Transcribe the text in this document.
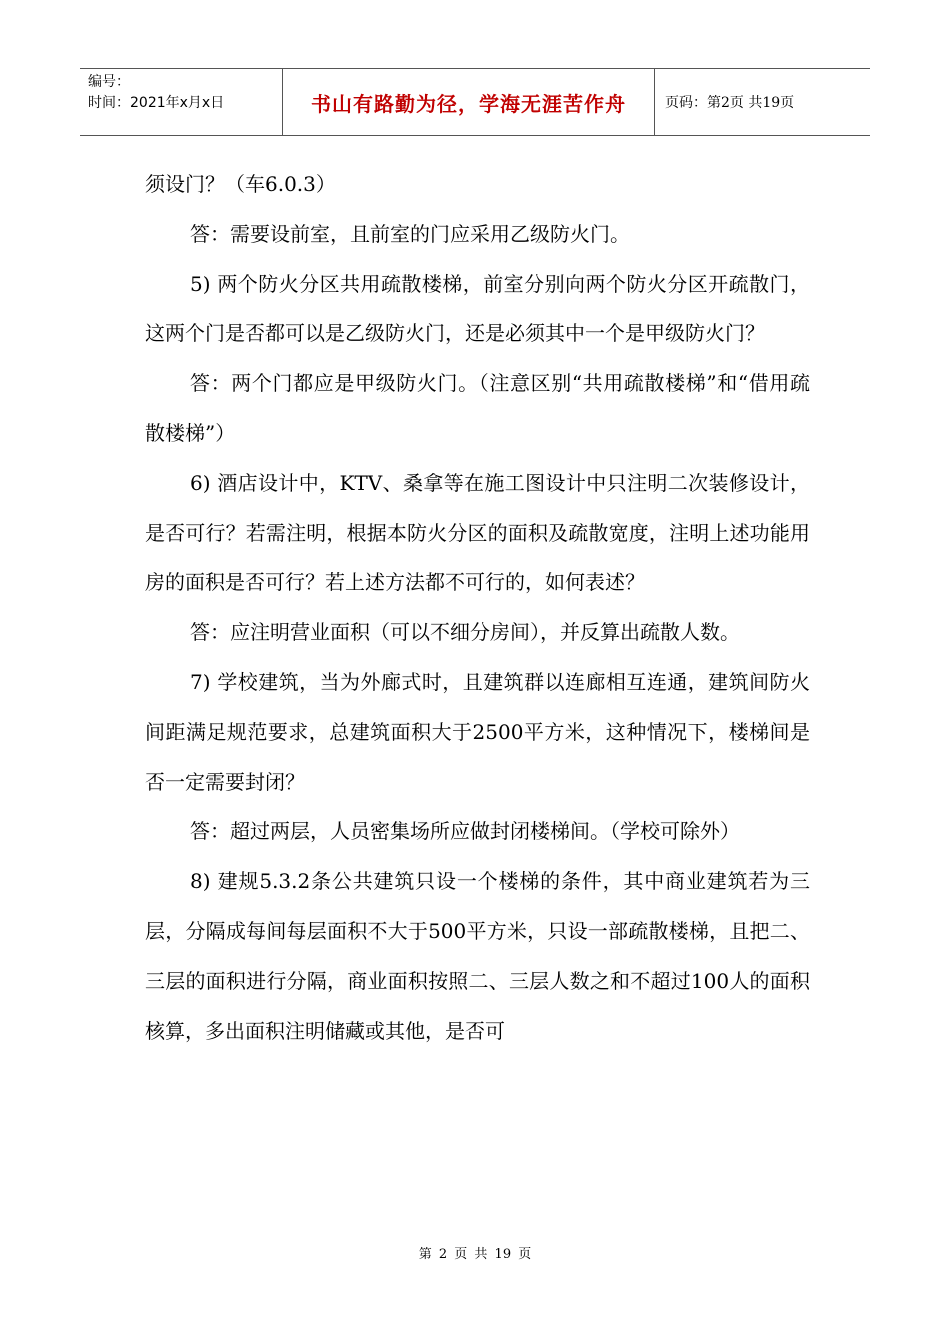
编号：
时间：2021年x月x日	书山有路勤为径，学海无涯苦作舟	页码：第2页 共19页

须设门？（车6.0.3）

答：需要设前室，且前室的门应采用乙级防火门。

5) 两个防火分区共用疏散楼梯，前室分别向两个防火分区开疏散门，这两个门是否都可以是乙级防火门，还是必须其中一个是甲级防火门？

答：两个门都应是甲级防火门。（注意区别“共用疏散楼梯”和“借用疏散楼梯”）

6) 酒店设计中，KTV、桑拿等在施工图设计中只注明二次装修设计，是否可行？若需注明，根据本防火分区的面积及疏散宽度，注明上述功能用房的面积是否可行？若上述方法都不可行的，如何表述？

答：应注明营业面积（可以不细分房间），并反算出疏散人数。

7) 学校建筑，当为外廊式时，且建筑群以连廊相互连通，建筑间防火间距满足规范要求，总建筑面积大于2500平方米，这种情况下，楼梯间是否一定需要封闭？

答：超过两层，人员密集场所应做封闭楼梯间。（学校可除外）

8) 建规5.3.2条公共建筑只设一个楼梯的条件，其中商业建筑若为三层，分隔成每间每层面积不大于500平方米，只设一部疏散楼梯，且把二、三层的面积进行分隔，商业面积按照二、三层人数之和不超过100人的面积核算，多出面积注明储藏或其他，是否可

第 2 页 共 19 页
